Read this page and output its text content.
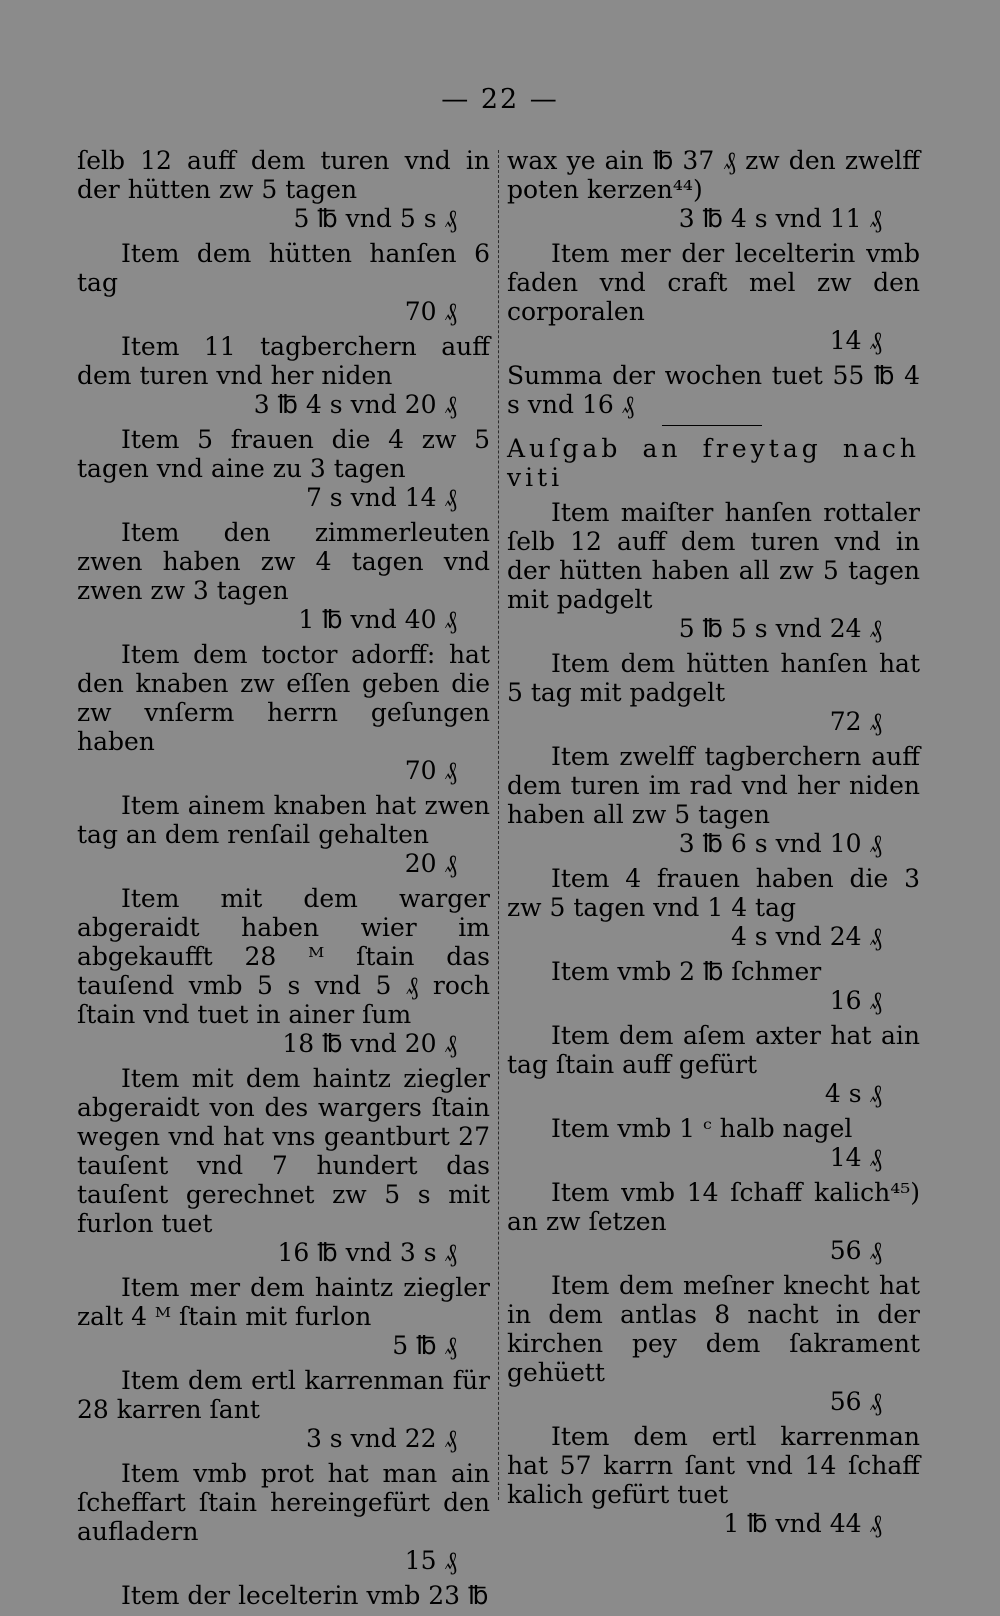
— 22 —
ſelb 12 auff dem turen vnd in der hütten zw 5 tagen
5 ℔ vnd 5 s ₰
Item dem hütten hanſen 6 tag
70 ₰
Item 11 tagberchern auff dem turen vnd her niden
3 ℔ 4 s vnd 20 ₰
Item 5 frauen die 4 zw 5 tagen vnd aine zu 3 tagen
7 s vnd 14 ₰
Item den zimmerleuten zwen haben zw 4 tagen vnd zwen zw 3 tagen
1 ℔ vnd 40 ₰
Item dem toctor adorff: hat den knaben zw eſſen geben die zw vnſerm herrn geſungen haben
70 ₰
Item ainem knaben hat zwen tag an dem renſail gehalten
20 ₰
Item mit dem warger abgeraidt haben wier im abgekaufft 28 ᴹ ſtain das tauſend vmb 5 s vnd 5 ₰ roch ſtain vnd tuet in ainer ſum
18 ℔ vnd 20 ₰
Item mit dem haintz ziegler abgeraidt von des wargers ſtain wegen vnd hat vns geantburt 27 tauſent vnd 7 hundert das tauſent gerechnet zw 5 s mit furlon tuet
16 ℔ vnd 3 s ₰
Item mer dem haintz ziegler zalt 4 ᴹ ſtain mit furlon
5 ℔ ₰
Item dem ertl karrenman für 28 karren ſant
3 s vnd 22 ₰
Item vmb prot hat man ain ſcheffart ſtain hereingefürt den aufladern
15 ₰
Item der lecelterin vmb 23 ℔
wax ye ain ℔ 37 ₰ zw den zwelff poten kerzen⁴⁴)
3 ℔ 4 s vnd 11 ₰
Item mer der lecelterin vmb faden vnd craft mel zw den corporalen
14 ₰
Summa der wochen tuet 55 ℔ 4 s vnd 16 ₰
Auſgab an freytag nach viti
Item maiſter hanſen rottaler ſelb 12 auff dem turen vnd in der hütten haben all zw 5 tagen mit padgelt
5 ℔ 5 s vnd 24 ₰
Item dem hütten hanſen hat 5 tag mit padgelt
72 ₰
Item zwelff tagberchern auff dem turen im rad vnd her niden haben all zw 5 tagen
3 ℔ 6 s vnd 10 ₰
Item 4 frauen haben die 3 zw 5 tagen vnd 1 4 tag
4 s vnd 24 ₰
Item vmb 2 ℔ ſchmer
16 ₰
Item dem aſem axter hat ain tag ſtain auff gefürt
4 s ₰
Item vmb 1 ᶜ halb nagel
14 ₰
Item vmb 14 ſchaff kalich⁴⁵) an zw ſetzen
56 ₰
Item dem meſner knecht hat in dem antlas 8 nacht in der kirchen pey dem ſakrament gehüett
56 ₰
Item dem ertl karrenman hat 57 karrn ſant vnd 14 ſchaff kalich gefürt tuet
1 ℔ vnd 44 ₰
